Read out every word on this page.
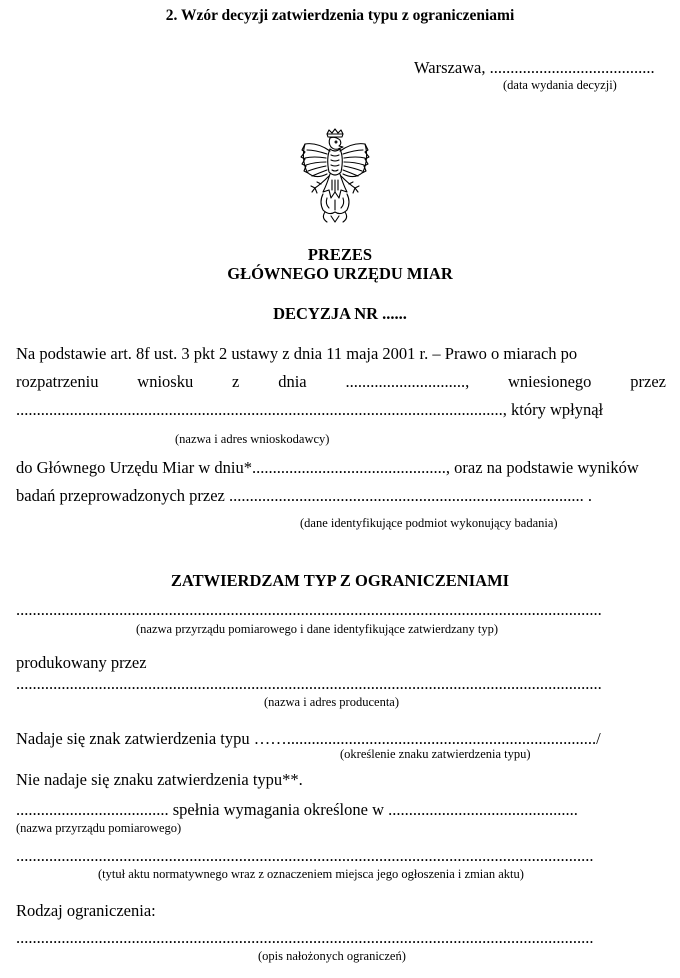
2. Wzór decyzji zatwierdzenia typu z ograniczeniami
Warszawa, ........................................
(data wydania decyzji)
PREZES
GŁÓWNEGO URZĘDU MIAR
DECYZJA NR ......
Na podstawie art. 8f ust. 3 pkt 2 ustawy z dnia 11 maja 2001 r. – Prawo o miarach po
rozpatrzeniu wniosku z dnia ............................., wniesionego przez
......................................................................................................................, który wpłynął
(nazwa i adres wnioskodawcy)
do Głównego Urzędu Miar w dniu*..............................................., oraz na podstawie wyników
badań przeprowadzonych przez ...................................................................................... .
(dane identyfikujące podmiot wykonujący badania)
ZATWIERDZAM TYP Z OGRANICZENIAMI
..............................................................................................................................................
(nazwa przyrządu pomiarowego i dane identyfikujące zatwierdzany typ)
produkowany przez
..............................................................................................................................................
(nazwa i adres producenta)
Nadaje się znak zatwierdzenia typu …….........................................................................../
(określenie znaku zatwierdzenia typu)
Nie nadaje się znaku zatwierdzenia typu**.
..................................... spełnia wymagania określone w ..............................................
(nazwa przyrządu pomiarowego)
............................................................................................................................................
(tytuł aktu normatywnego wraz z oznaczeniem miejsca jego ogłoszenia i zmian aktu)
Rodzaj ograniczenia:
............................................................................................................................................
(opis nałożonych ograniczeń)
